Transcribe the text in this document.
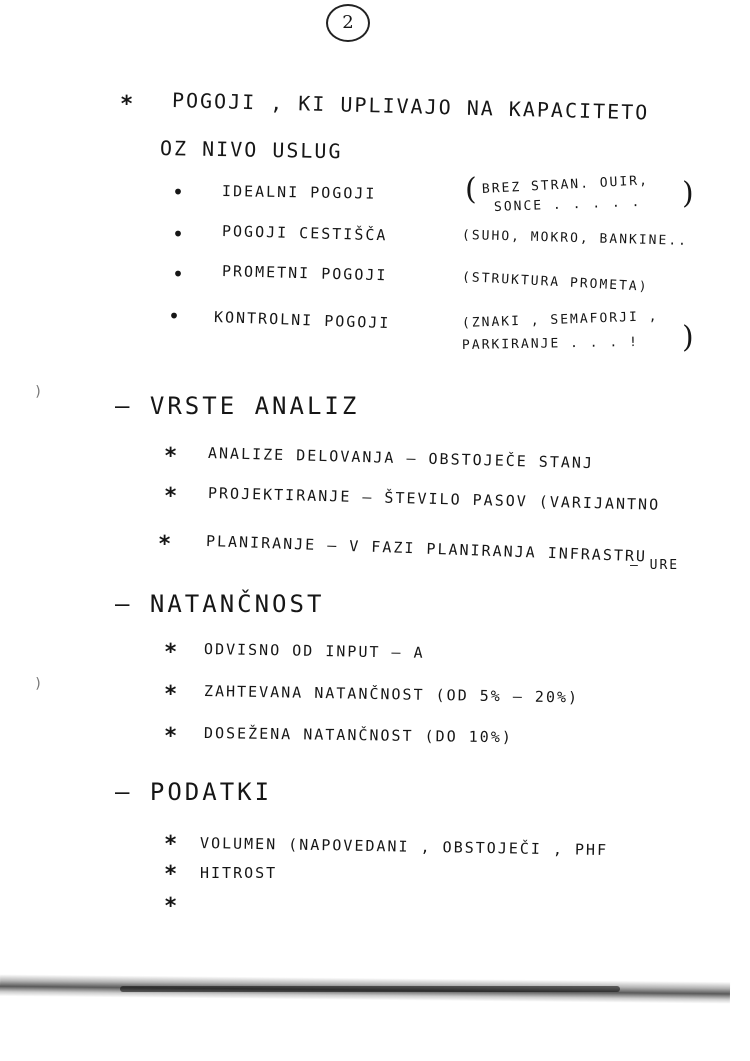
2
* POGOJI , KI UPLIVAJO NA KAPACITETO
OZ NIVO USLUG
•	IDEALNI POGOJI	( BREZ STRAN. OUIR,
SONCE . . . . . )
•	POGOJI CESTIŠČA	(SUHO, MOKRO, BANKINE..
•	PROMETNI POGOJI	(STRUKTURA PROMETA)
• KONTROLNI POGOJI	(ZNAKI , SEMAFORJI ,
PARKIRANJE . . . ! )
– VRSTE ANALIZ
* ANALIZE DELOVANJA – OBSTOJEČE STANJ
* PROJEKTIRANJE – ŠTEVILO PASOV (VARIJANTNO
* PLANIRANJE – V FAZI PLANIRANJA INFRASTRU
– URE
– NATANČNOST
* ODVISNO OD INPUT – A
* ZAHTEVANA NATANČNOST (OD 5% – 20%)
* DOSEŽENA NATANČNOST (DO 10%)
– PODATKI
* VOLUMEN (NAPOVEDANI , OBSTOJEČI , PHF
* HITROST
*
)
)
